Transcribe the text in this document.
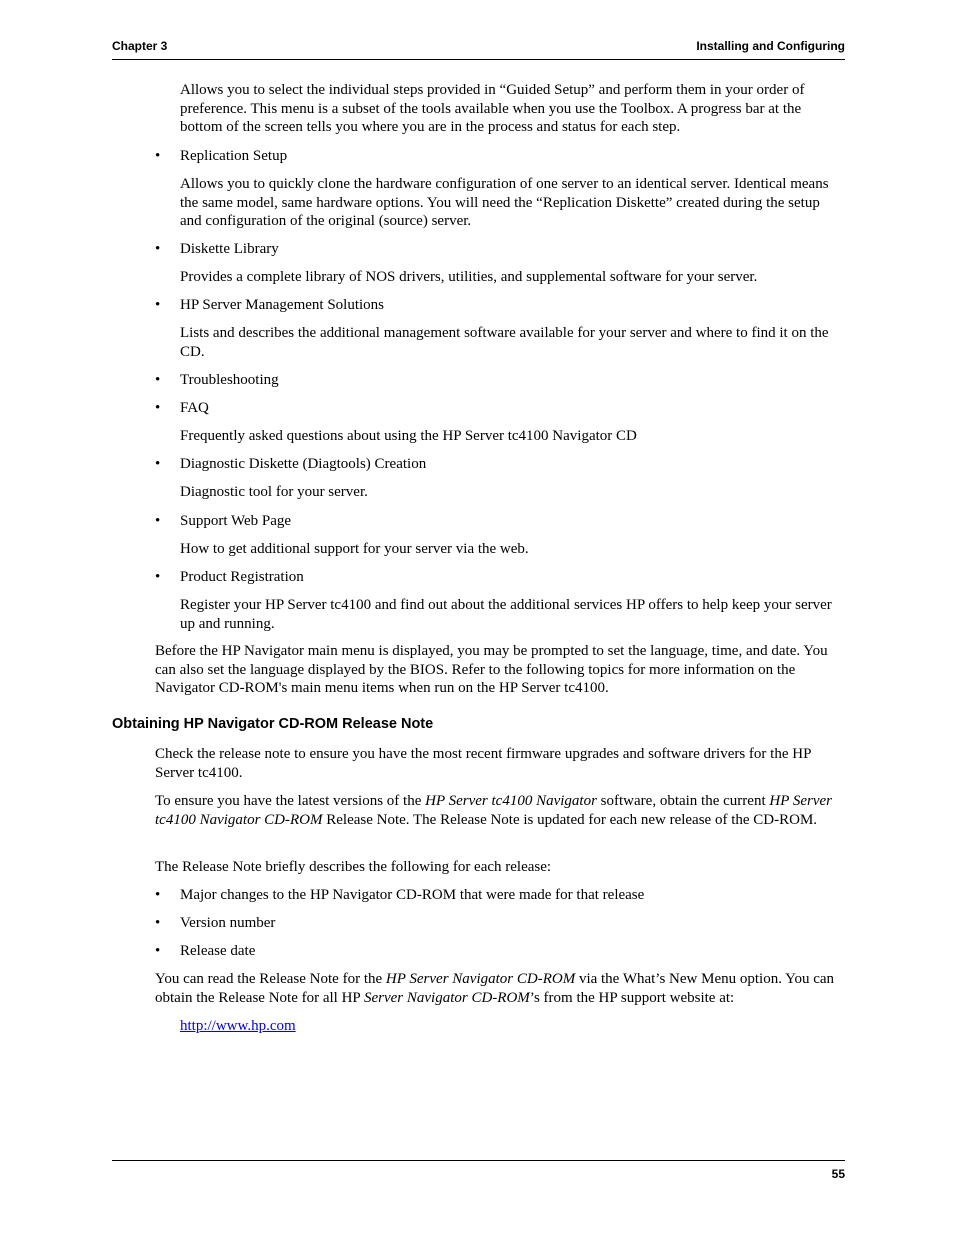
Chapter 3	Installing and Configuring

Allows you to select the individual steps provided in “Guided Setup” and perform them in your order of preference. This menu is a subset of the tools available when you use the Toolbox. A progress bar at the bottom of the screen tells you where you are in the process and status for each step.

•	Replication Setup

Allows you to quickly clone the hardware configuration of one server to an identical server. Identical means the same model, same hardware options. You will need the “Replication Diskette” created during the setup and configuration of the original (source) server.

•	Diskette Library

Provides a complete library of NOS drivers, utilities, and supplemental software for your server.

•	HP Server Management Solutions

Lists and describes the additional management software available for your server and where to find it on the CD.

•	Troubleshooting
•	FAQ

Frequently asked questions about using the HP Server tc4100 Navigator CD

•	Diagnostic Diskette (Diagtools) Creation

Diagnostic tool for your server.

•	Support Web Page

How to get additional support for your server via the web.

•	Product Registration

Register your HP Server tc4100 and find out about the additional services HP offers to help keep your server up and running.

Before the HP Navigator main menu is displayed, you may be prompted to set the language, time, and date. You can also set the language displayed by the BIOS. Refer to the following topics for more information on the Navigator CD-ROM's main menu items when run on the HP Server tc4100.

Obtaining HP Navigator CD-ROM Release Note

Check the release note to ensure you have the most recent firmware upgrades and software drivers for the HP Server tc4100.

To ensure you have the latest versions of the HP Server tc4100 Navigator software, obtain the current HP Server tc4100 Navigator CD-ROM Release Note. The Release Note is updated for each new release of the CD-ROM.

The Release Note briefly describes the following for each release:

•	Major changes to the HP Navigator CD-ROM that were made for that release
•	Version number
•	Release date

You can read the Release Note for the HP Server Navigator CD-ROM via the What’s New Menu option. You can obtain the Release Note for all HP Server Navigator CD-ROM’s from the HP support website at:

http://www.hp.com

55
